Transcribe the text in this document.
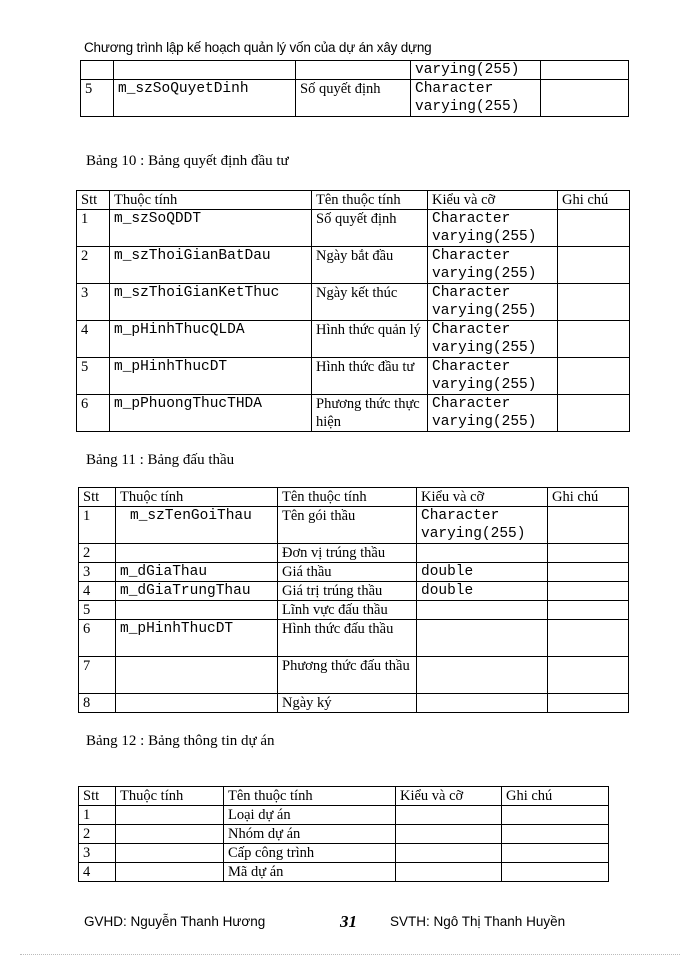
Chương trình lập kế hoạch quản lý vốn của dự án xây dựng
			varying(255)	
5	m_szSoQuyetDinh	Số quyết định	Character varying(255)	
Bảng 10 : Bảng quyết định đầu tư
Stt	Thuộc tính	Tên thuộc tính	Kiểu và cỡ	Ghi chú
1	m_szSoQDDT	Số quyết định	Character varying(255)	
2	m_szThoiGianBatDau	Ngày bắt đầu	Character varying(255)	
3	m_szThoiGianKetThuc	Ngày kết thúc	Character varying(255)	
4	m_pHinhThucQLDA	Hình thức quản lý	Character varying(255)	
5	m_pHinhThucDT	Hình thức đầu tư	Character varying(255)	
6	m_pPhuongThucTHDA	Phương thức thực hiện	Character varying(255)	
Bảng 11 : Bảng đấu thầu
Stt	Thuộc tính	Tên thuộc tính	Kiểu và cỡ	Ghi chú
1	m_szTenGoiThau	Tên gói thầu	Character varying(255)	
2		Đơn vị trúng thầu		
3	m_dGiaThau	Giá thầu	double	
4	m_dGiaTrungThau	Giá trị trúng thầu	double	
5		Lĩnh vực đấu thầu		
6	m_pHinhThucDT	Hình thức đấu thầu		
7		Phương thức đấu thầu		
8		Ngày ký		
Bảng 12 : Bảng thông tin dự án
Stt	Thuộc tính	Tên thuộc tính	Kiểu và cỡ	Ghi chú
1		Loại dự án		
2		Nhóm dự án		
3		Cấp công trình		
4		Mã dự án		
GVHD: Nguyễn Thanh Hương	31 SVTH: Ngô Thị Thanh Huyền
